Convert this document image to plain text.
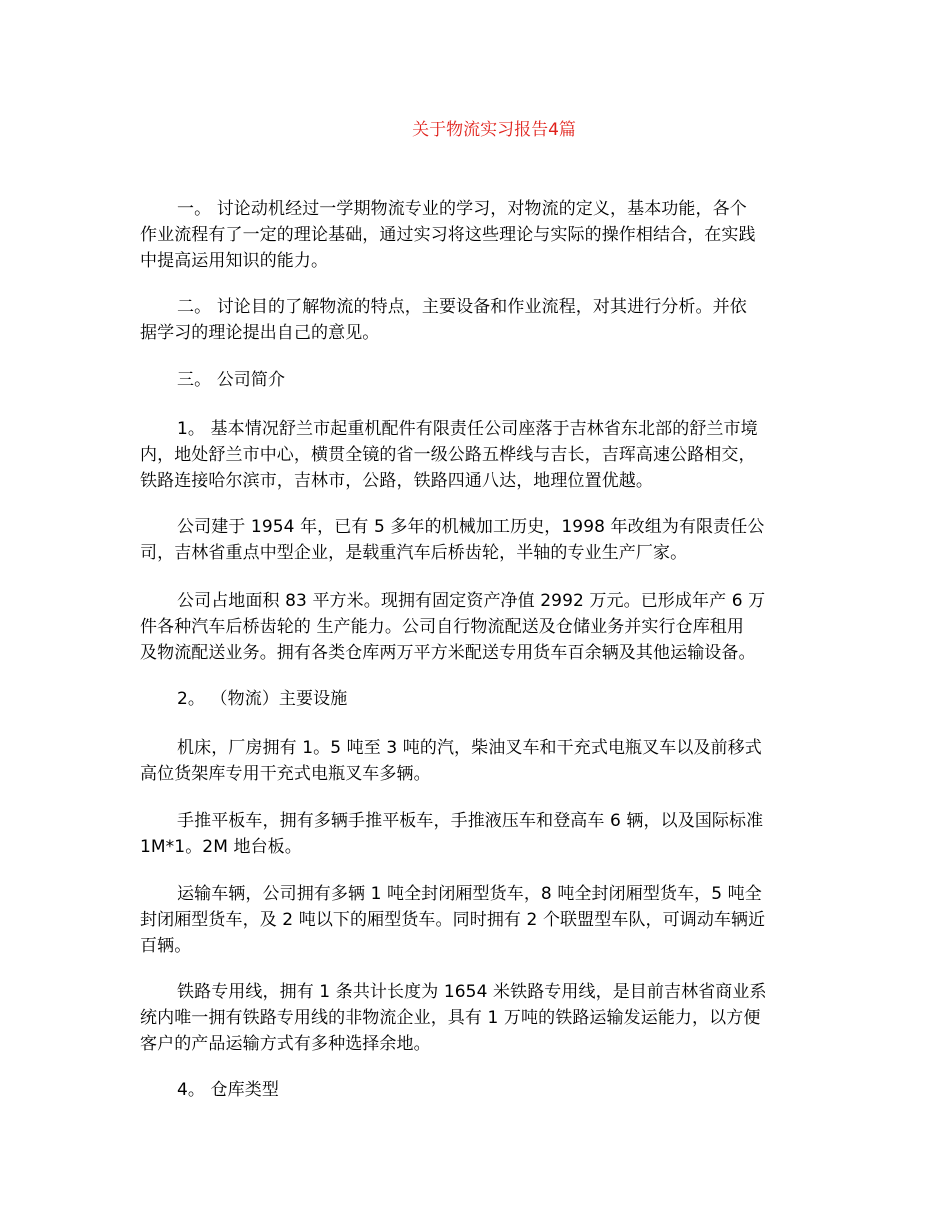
关于物流实习报告4篇
一。 讨论动机经过一学期物流专业的学习，对物流的定义，基本功能，各个
作业流程有了一定的理论基础，通过实习将这些理论与实际的操作相结合，在实践
中提高运用知识的能力。
二。 讨论目的了解物流的特点，主要设备和作业流程，对其进行分析。并依
据学习的理论提出自己的意见。
三。 公司简介
1。 基本情况舒兰市起重机配件有限责任公司座落于吉林省东北部的舒兰市境
内，地处舒兰市中心，横贯全镜的省一级公路五桦线与吉长，吉珲高速公路相交，
铁路连接哈尔滨市，吉林市，公路，铁路四通八达，地理位置优越。
公司建于 1954 年，已有 5 多年的机械加工历史，1998 年改组为有限责任公
司，吉林省重点中型企业，是载重汽车后桥齿轮，半轴的专业生产厂家。
公司占地面积 83 平方米。现拥有固定资产净值 2992 万元。已形成年产 6 万
件各种汽车后桥齿轮的 生产能力。公司自行物流配送及仓储业务并实行仓库租用
及物流配送业务。拥有各类仓库两万平方米配送专用货车百余辆及其他运输设备。
2。 （物流）主要设施
机床，厂房拥有 1。5 吨至 3 吨的汽，柴油叉车和干充式电瓶叉车以及前移式
高位货架库专用干充式电瓶叉车多辆。
手推平板车，拥有多辆手推平板车，手推液压车和登高车 6 辆，以及国际标准
1M*1。2M 地台板。
运输车辆，公司拥有多辆 1 吨全封闭厢型货车，8 吨全封闭厢型货车，5 吨全
封闭厢型货车，及 2 吨以下的厢型货车。同时拥有 2 个联盟型车队，可调动车辆近
百辆。
铁路专用线，拥有 1 条共计长度为 1654 米铁路专用线，是目前吉林省商业系
统内唯一拥有铁路专用线的非物流企业，具有 1 万吨的铁路运输发运能力，以方便
客户的产品运输方式有多种选择余地。
4。 仓库类型
